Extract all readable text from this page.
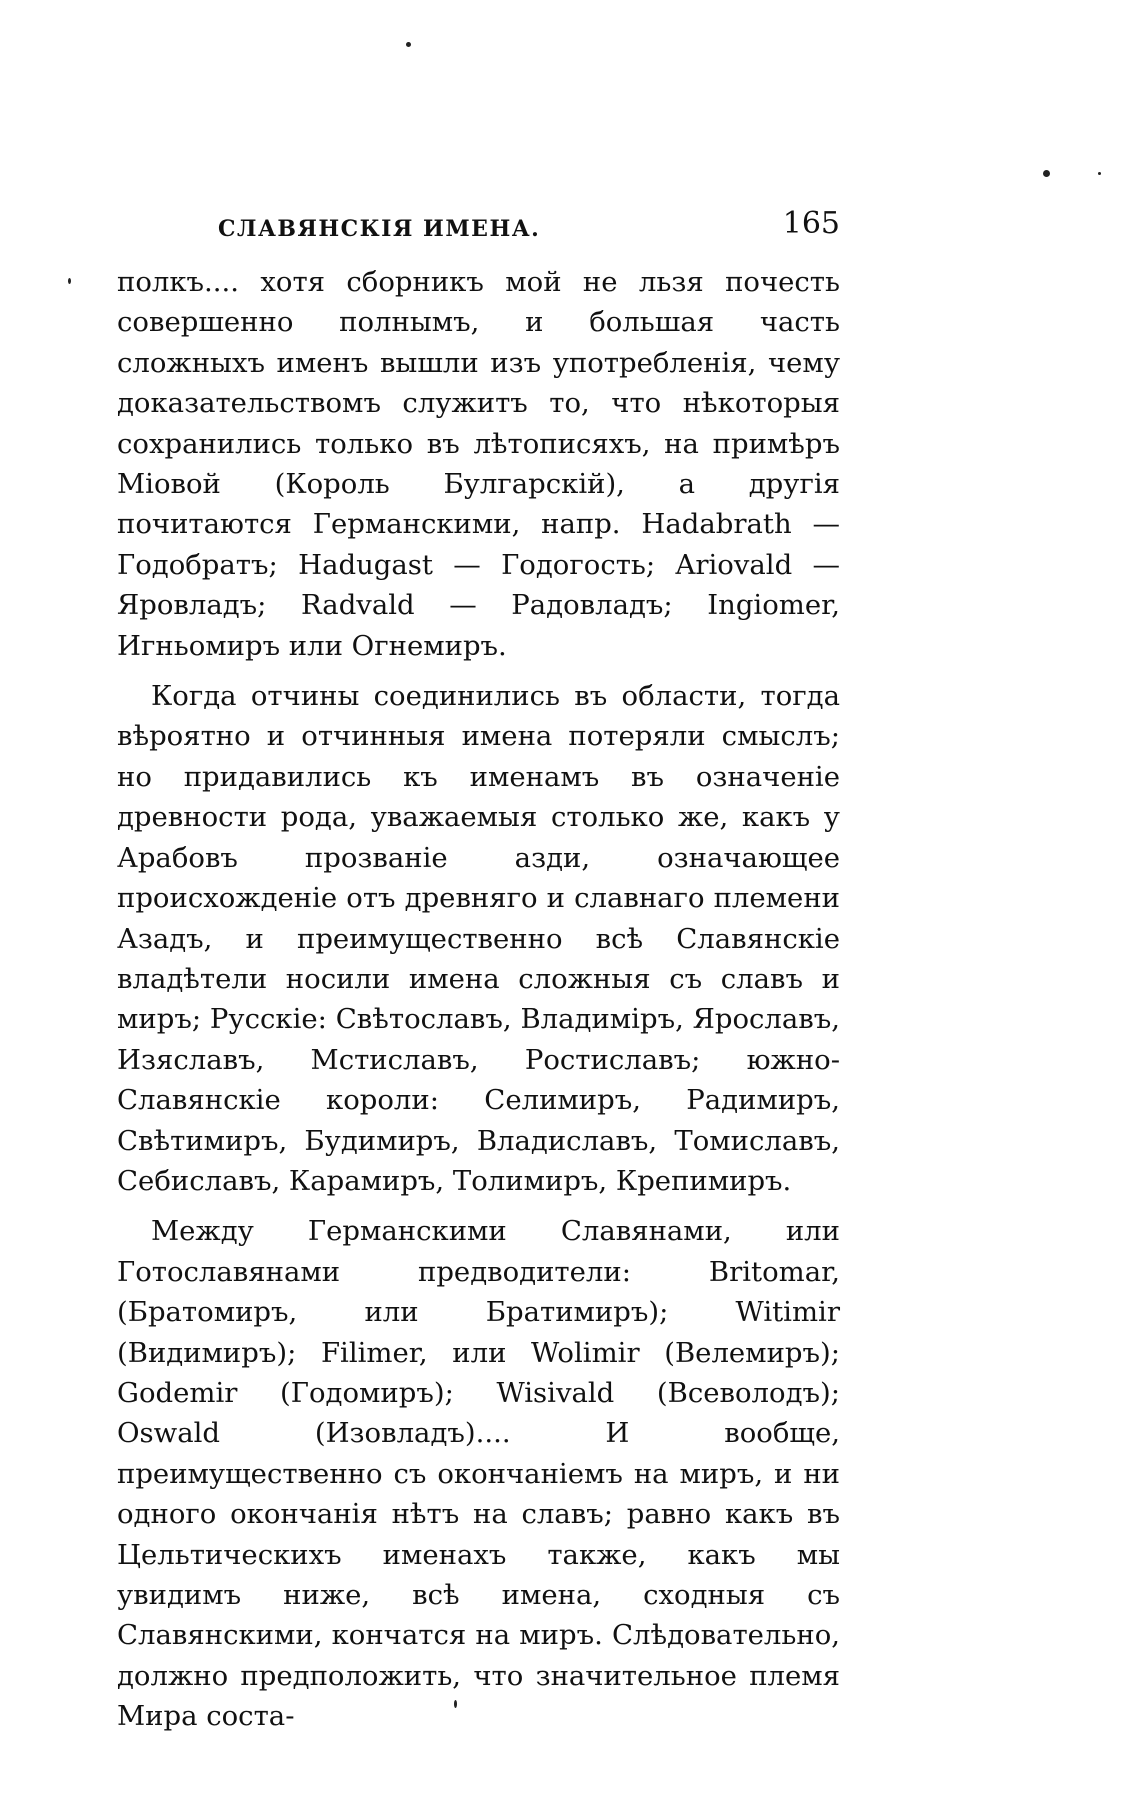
СЛАВЯНСКІЯ ИМЕНА.	165

полкъ.... хотя сборникъ мой не льзя почесть совершенно полнымъ, и большая часть сложныхъ именъ вышли изъ употребленія, чему доказательствомъ служитъ то, что нѣкоторыя сохранились только въ лѣтописяхъ, на примѣръ Міовой (Король Булгарскій), а другія почитаются Германскими, напр. Hadabrath — Годобратъ; Hadugast — Годогость; Ariovald — Яровладъ; Radvald — Радовладъ; Ingiomer, Игньомиръ или Огнемиръ.

Когда отчины соединились въ области, тогда вѣроятно и отчинныя имена потеряли смыслъ; но придавились къ именамъ въ означеніе древности рода, уважаемыя столько же, какъ у Арабовъ прозваніе азди, означающее происхожденіе отъ древняго и славнаго племени Азадъ, и преимущественно всѣ Славянскіе владѣтели носили имена сложныя съ славъ и миръ; Русскіе: Свѣтославъ, Владиміръ, Ярославъ, Изяславъ, Мстиславъ, Ростиславъ; южно-Славянскіе короли: Селимиръ, Радимиръ, Свѣтимиръ, Будимиръ, Владиславъ, Томиславъ, Себиславъ, Карамиръ, Толимиръ, Крепимиръ.

Между Германскими Славянами, или Готославянами предводители: Britomar, (Братомиръ, или Братимиръ); Witimir (Видимиръ); Filimer, или Wolimir (Велемиръ); Godemir (Годомиръ); Wisivald (Всеволодъ); Oswald (Изовладъ).... И вообще, преимущественно съ окончаніемъ на миръ, и ни одного окончанія нѣтъ на славъ; равно какъ въ Цельтическихъ именахъ также, какъ мы увидимъ ниже, всѣ имена, сходныя съ Славянскими, кончатся на миръ. Слѣдовательно, должно предположить, что значительное племя Мира соста-
